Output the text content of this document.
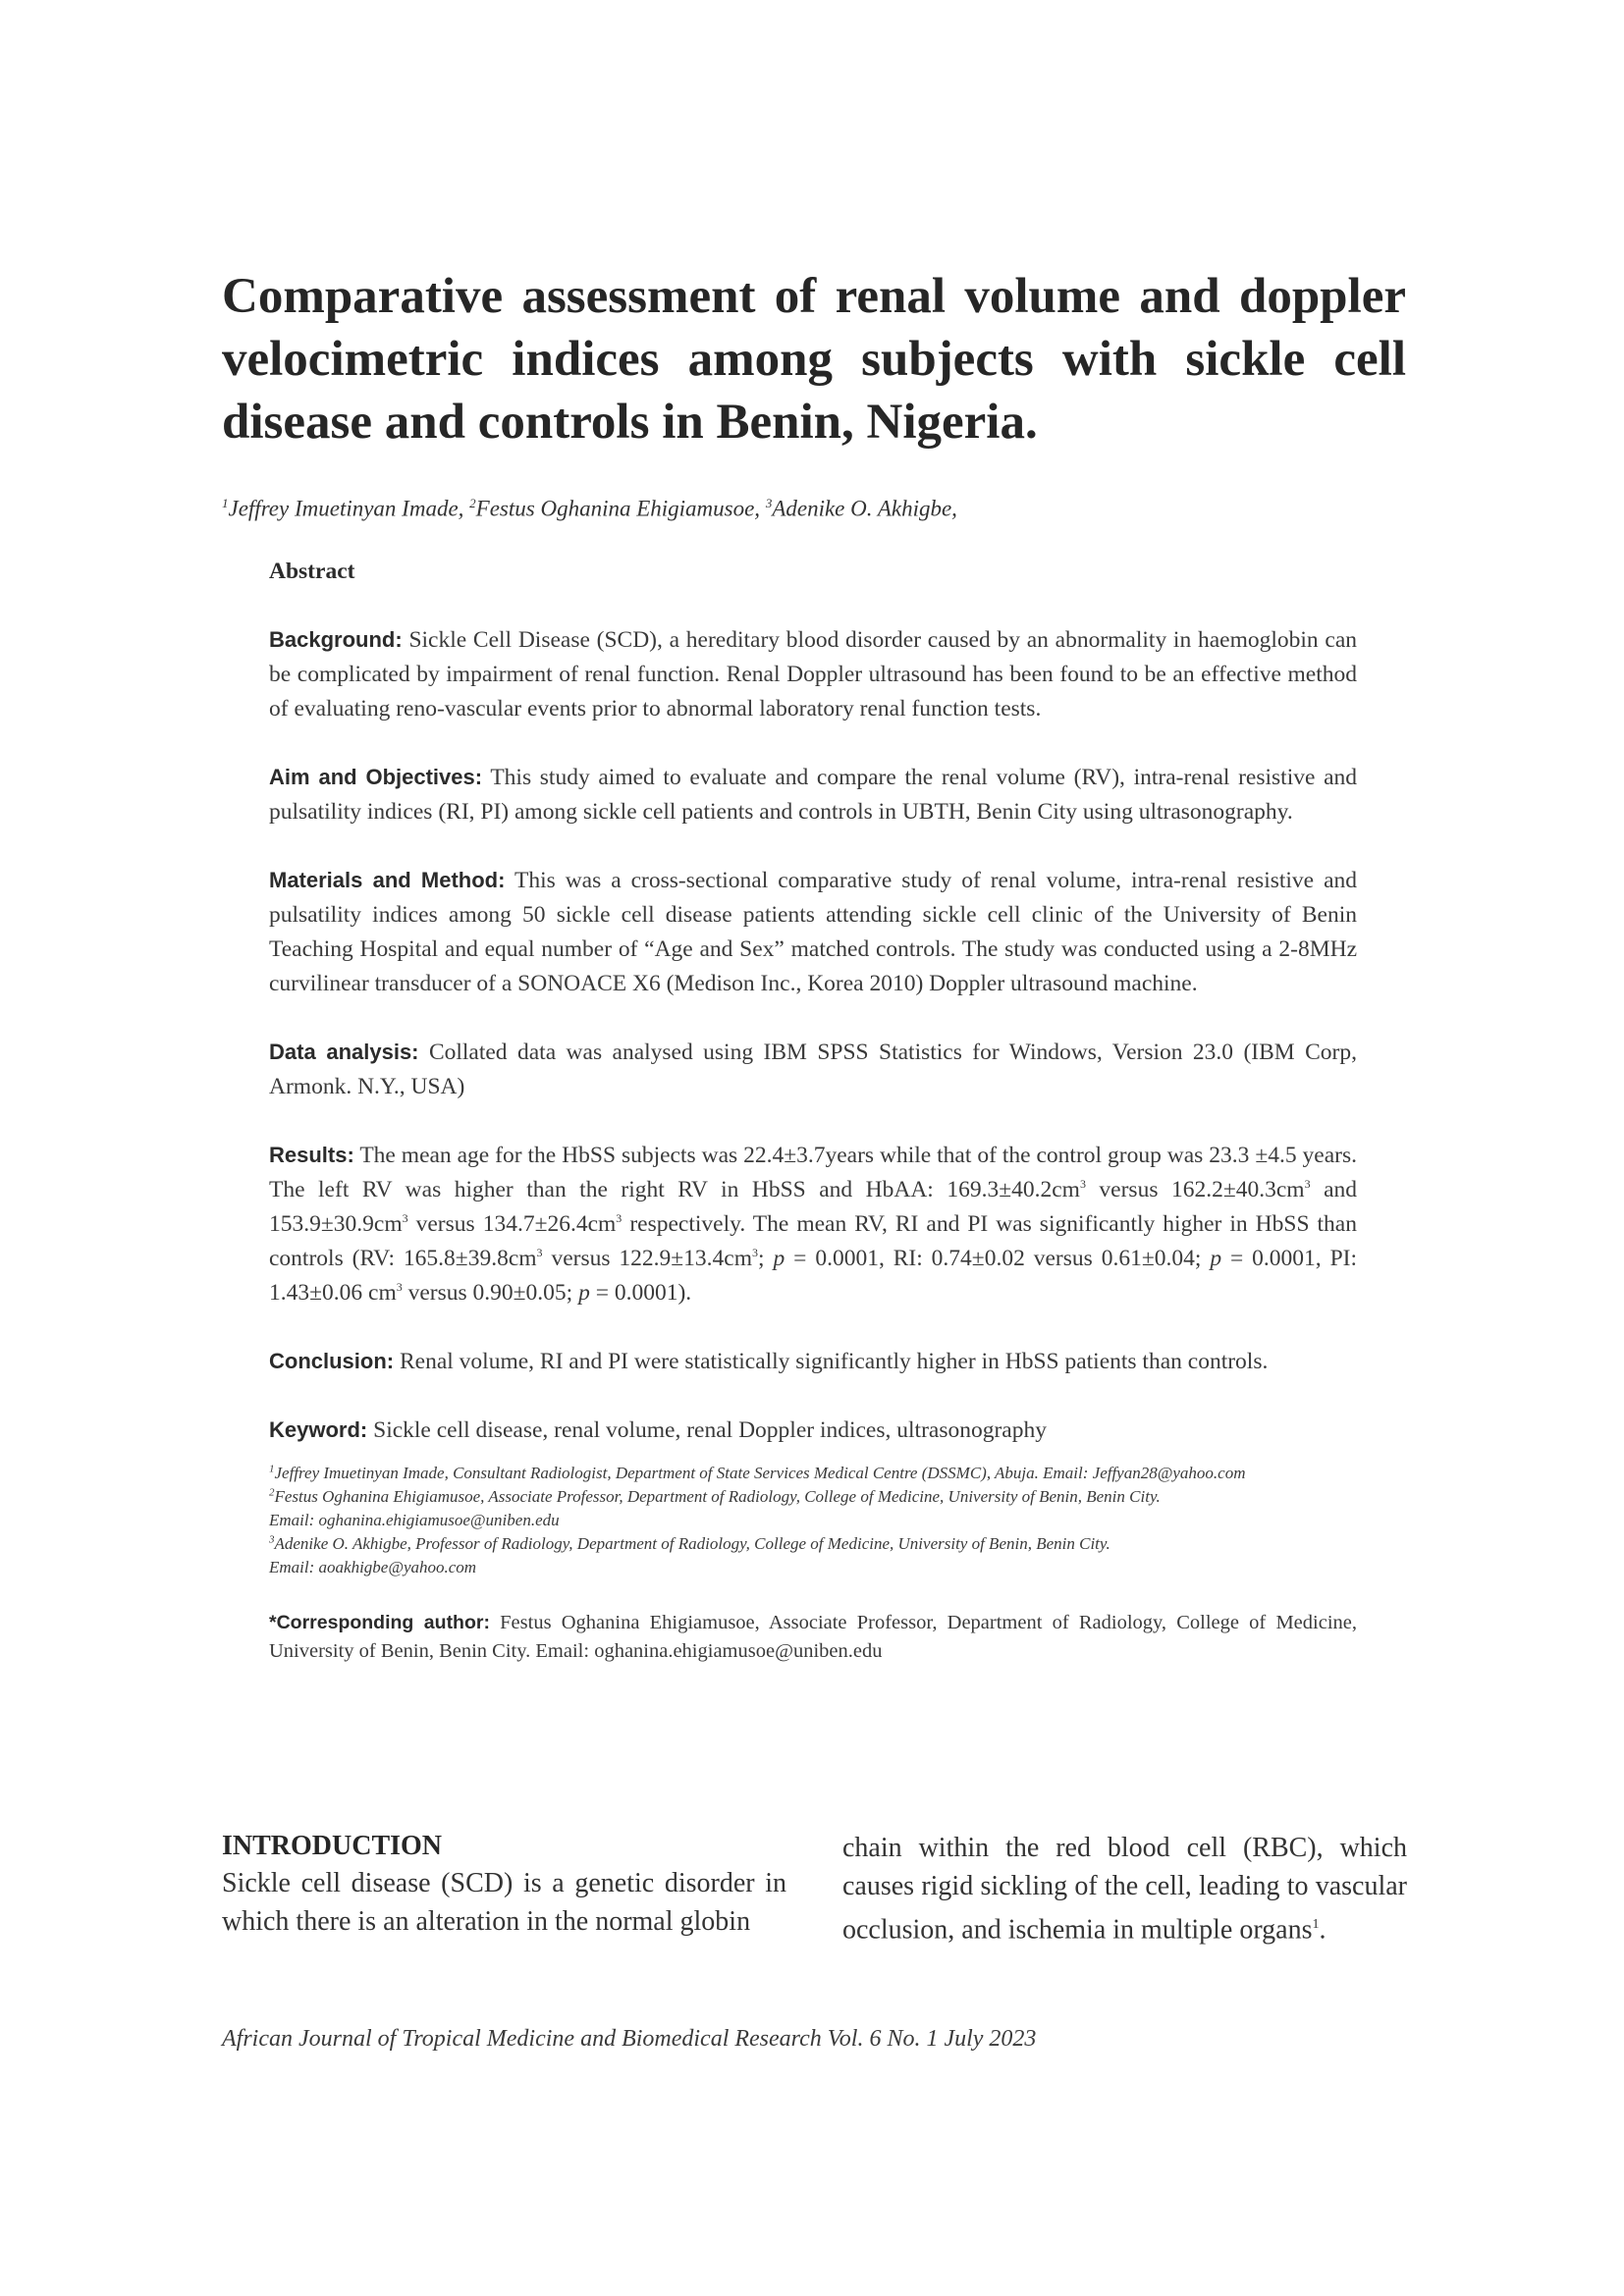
Comparative assessment of renal volume and doppler velocimetric indices among subjects with sickle cell disease and controls in Benin, Nigeria.
$^1$Jeffrey Imuetinyan Imade, $^2$Festus Oghanina Ehigiamusoe, $^3$Adenike O. Akhigbe,
Abstract

Background: Sickle Cell Disease (SCD), a hereditary blood disorder caused by an abnormality in haemoglobin can be complicated by impairment of renal function. Renal Doppler ultrasound has been found to be an effective method of evaluating reno-vascular events prior to abnormal laboratory renal function tests.

Aim and Objectives: This study aimed to evaluate and compare the renal volume (RV), intra-renal resistive and pulsatility indices (RI, PI) among sickle cell patients and controls in UBTH, Benin City using ultrasonography.

Materials and Method: This was a cross-sectional comparative study of renal volume, intra-renal resistive and pulsatility indices among 50 sickle cell disease patients attending sickle cell clinic of the University of Benin Teaching Hospital and equal number of “Age and Sex” matched controls. The study was conducted using a 2-8MHz curvilinear transducer of a SONOACE X6 (Medison Inc., Korea 2010) Doppler ultrasound machine.

Data analysis: Collated data was analysed using IBM SPSS Statistics for Windows, Version 23.0 (IBM Corp, Armonk. N.Y., USA)

Results: The mean age for the HbSS subjects was 22.4±3.7years while that of the control group was 23.3 ±4.5 years. The left RV was higher than the right RV in HbSS and HbAA: $169.3\pm 40.2cm^3$ versus $162.2\pm 40.3cm^3$ and $153.9\pm 30.9cm^3$ versus $134.7\pm 26.4cm^3$ respectively. The mean RV, RI and PI was significantly higher in HbSS than controls (RV: $165.8\pm 39.8cm^3$ versus $122.9\pm 13.4cm^3$; p = 0.0001, RI: 0.74±0.02 versus 0.61±0.04; p = 0.0001, PI: 1.43±0.06 $cm^3$ versus 0.90±0.05; p = 0.0001).

Conclusion: Renal volume, RI and PI were statistically significantly higher in HbSS patients than controls.

Keyword: Sickle cell disease, renal volume, renal Doppler indices, ultrasonography

$^1$Jeffrey Imuetinyan Imade, Consultant Radiologist, Department of State Services Medical Centre (DSSMC), Abuja. Email: Jeffyan28@yahoo.com
$^2$Festus Oghanina Ehigiamusoe, Associate Professor, Department of Radiology, College of Medicine, University of Benin, Benin City.
Email: oghanina.ehigiamusoe@uniben.edu
$^3$Adenike O. Akhigbe, Professor of Radiology, Department of Radiology, College of Medicine, University of Benin, Benin City.
Email: aoakhigbe@yahoo.com
*Corresponding author: Festus Oghanina Ehigiamusoe, Associate Professor, Department of Radiology, College of Medicine, University of Benin, Benin City. Email: oghanina.ehigiamusoe@uniben.edu
INTRODUCTION
Sickle cell disease (SCD) is a genetic disorder in which there is an alteration in the normal globin
chain within the red blood cell (RBC), which causes rigid sickling of the cell, leading to vascular occlusion, and ischemia in multiple organs$^1$.
African Journal of Tropical Medicine and Biomedical Research Vol. 6 No. 1 July 2023
